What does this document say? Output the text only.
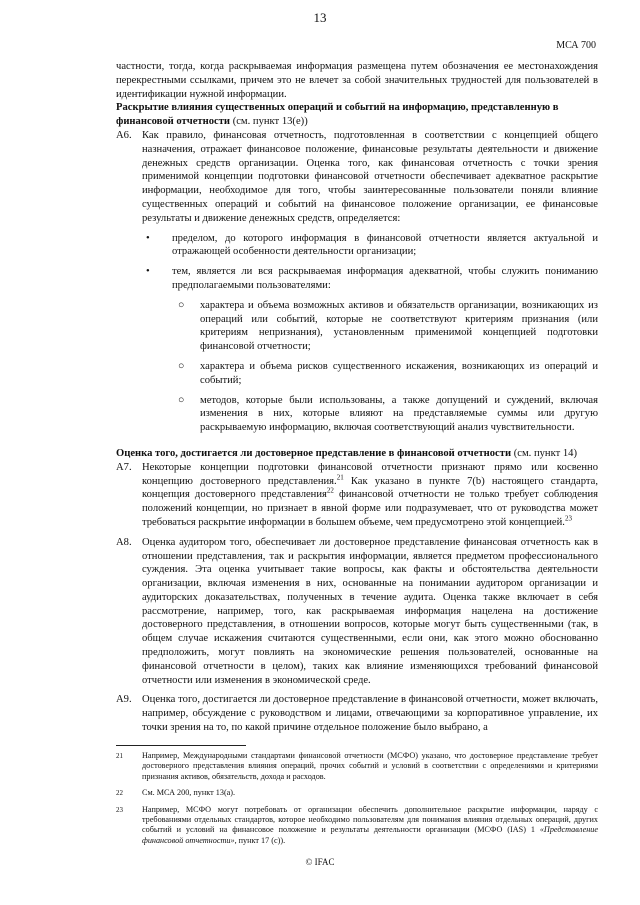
13
МСА 700

частности, тогда, когда раскрываемая информация размещена путем обозначения ее местонахождения перекрестными ссылками, причем это не влечет за собой значительных трудностей для пользователей в идентификации нужной информации.

Раскрытие влияния существенных операций и событий на информацию, представленную в финансовой отчетности (см. пункт 13(e))

A6. Как правило, финансовая отчетность, подготовленная в соответствии с концепцией общего назначения, отражает финансовое положение, финансовые результаты деятельности и движение денежных средств организации. Оценка того, как финансовая отчетность с точки зрения применимой концепции подготовки финансовой отчетности обеспечивает адекватное раскрытие информации, необходимое для того, чтобы заинтересованные пользователи поняли влияние существенных операций и событий на финансовое положение организации, ее финансовые результаты и движение денежных средств, определяется:

•	пределом, до которого информация в финансовой отчетности является актуальной и отражающей особенности деятельности организации;
•	тем, является ли вся раскрываемая информация адекватной, чтобы служить пониманию предполагаемыми пользователями:
○	характера и объема возможных активов и обязательств организации, возникающих из операций или событий, которые не соответствуют критериям признания (или критериям непризнания), установленным применимой концепцией подготовки финансовой отчетности;
○	характера и объема рисков существенного искажения, возникающих из операций и событий;
○	методов, которые были использованы, а также допущений и суждений, включая изменения в них, которые влияют на представляемые суммы или другую раскрываемую информацию, включая соответствующий анализ чувствительности.

Оценка того, достигается ли достоверное представление в финансовой отчетности (см. пункт 14)

A7. Некоторые концепции подготовки финансовой отчетности признают прямо или косвенно концепцию достоверного представления.$^{21}$ Как указано в пункте 7(b) настоящего стандарта, концепция достоверного представления$^{22}$ финансовой отчетности не только требует соблюдения положений концепции, но признает в явной форме или подразумевает, что от руководства может требоваться раскрытие информации в большем объеме, чем предусмотрено этой концепцией.$^{23}$

A8. Оценка аудитором того, обеспечивает ли достоверное представление финансовая отчетность как в отношении представления, так и раскрытия информации, является предметом профессионального суждения. Эта оценка учитывает такие вопросы, как факты и обстоятельства деятельности организации, включая изменения в них, основанные на понимании аудитором организации и аудиторских доказательствах, полученных в течение аудита. Оценка также включает в себя рассмотрение, например, того, как раскрываемая информация нацелена на достижение достоверного представления, в отношении вопросов, которые могут быть существенными (так, в общем случае искажения считаются существенными, если они, как этого можно обоснованно предположить, могут повлиять на экономические решения пользователей, основанные на финансовой отчетности в целом), таких как влияние изменяющихся требований финансовой отчетности или изменения в экономической среде.

A9. Оценка того, достигается ли достоверное представление в финансовой отчетности, может включать, например, обсуждение с руководством и лицами, отвечающими за корпоративное управление, их точки зрения на то, по какой причине отдельное положение было выбрано, а

21	Например, Международными стандартами финансовой отчетности (МСФО) указано, что достоверное представление требует достоверного представления влияния операций, прочих событий и условий в соответствии с определениями и критериями признания активов, обязательств, дохода и расходов.
22	См. МСА 200, пункт 13(а).
23	Например, МСФО могут потребовать от организации обеспечить дополнительное раскрытие информации, наряду с требованиями отдельных стандартов, которое необходимо пользователям для понимания влияния отдельных операций, других событий и условий на финансовое положение и результаты деятельности организации (МСФО (IAS) 1 «Представление финансовой отчетности», пункт 17 (c)).
© IFAC
